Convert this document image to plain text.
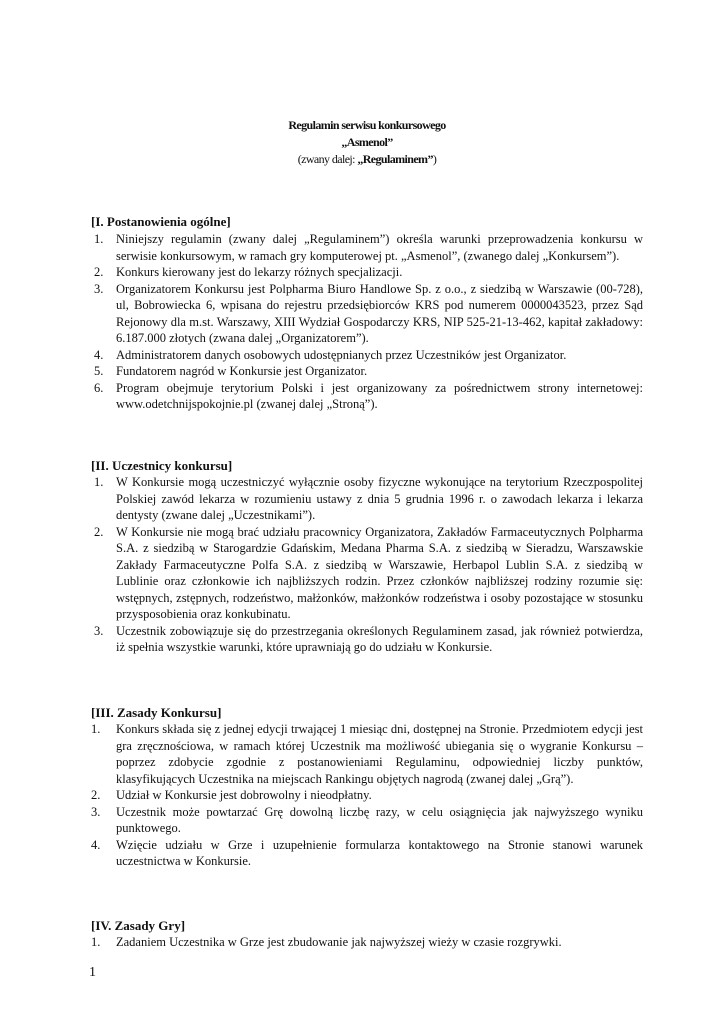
Regulamin serwisu konkursowego
„Asmenol”
(zwany dalej: „Regulaminem”)
[I. Postanowienia ogólne]
1. Niniejszy regulamin (zwany dalej „Regulaminem”) określa warunki przeprowadzenia konkursu w serwisie konkursowym, w ramach gry komputerowej pt. „Asmenol”, (zwanego dalej „Konkursem”).
2. Konkurs kierowany jest do lekarzy różnych specjalizacji.
3. Organizatorem Konkursu jest Polpharma Biuro Handlowe Sp. z o.o., z siedzibą w Warszawie (00-728), ul, Bobrowiecka 6, wpisana do rejestru przedsiębiorców KRS pod numerem 0000043523, przez Sąd Rejonowy dla m.st. Warszawy, XIII Wydział Gospodarczy KRS, NIP 525-21-13-462, kapitał zakładowy: 6.187.000 złotych (zwana dalej „Organizatorem”).
4. Administratorem danych osobowych udostępnianych przez Uczestników jest Organizator.
5. Fundatorem nagród w Konkursie jest Organizator.
6. Program obejmuje terytorium Polski i jest organizowany za pośrednictwem strony internetowej: www.odetchnijspokojnie.pl (zwanej dalej „Stroną”).
[II. Uczestnicy konkursu]
1. W Konkursie mogą uczestniczyć wyłącznie osoby fizyczne wykonujące na terytorium Rzeczpospolitej Polskiej zawód lekarza w rozumieniu ustawy z dnia 5 grudnia 1996 r. o zawodach lekarza i lekarza dentysty (zwane dalej „Uczestnikami”).
2. W Konkursie nie mogą brać udziału pracownicy Organizatora, Zakładów Farmaceutycznych Polpharma S.A. z siedzibą w Starogardzie Gdańskim, Medana Pharma S.A. z siedzibą w Sieradzu, Warszawskie Zakłady Farmaceutyczne Polfa S.A. z siedzibą w Warszawie, Herbapol Lublin S.A. z siedzibą w Lublinie oraz członkowie ich najbliższych rodzin. Przez członków najbliższej rodziny rozumie się: wstępnych, zstępnych, rodzeństwo, małżonków, małżonków rodzeństwa i osoby pozostające w stosunku przysposobienia oraz konkubinatu.
3. Uczestnik zobowiązuje się do przestrzegania określonych Regulaminem zasad, jak również potwierdza, iż spełnia wszystkie warunki, które uprawniają go do udziału w Konkursie.
[III. Zasady Konkursu]
1. Konkurs składa się z jednej edycji trwającej 1 miesiąc dni, dostępnej na Stronie. Przedmiotem edycji jest gra zręcznościowa, w ramach której Uczestnik ma możliwość ubiegania się o wygranie Konkursu – poprzez zdobycie zgodnie z postanowieniami Regulaminu, odpowiedniej liczby punktów, klasyfikujących Uczestnika na miejscach Rankingu objętych nagrodą (zwanej dalej „Grą”).
2. Udział w Konkursie jest dobrowolny i nieodpłatny.
3. Uczestnik może powtarzać Grę dowolną liczbę razy, w celu osiągnięcia jak najwyższego wyniku punktowego.
4. Wzięcie udziału w Grze i uzupełnienie formularza kontaktowego na Stronie stanowi warunek uczestnictwa w Konkursie.
[IV. Zasady Gry]
1. Zadaniem Uczestnika w Grze jest zbudowanie jak najwyższej wieży w czasie rozgrywki.
1
